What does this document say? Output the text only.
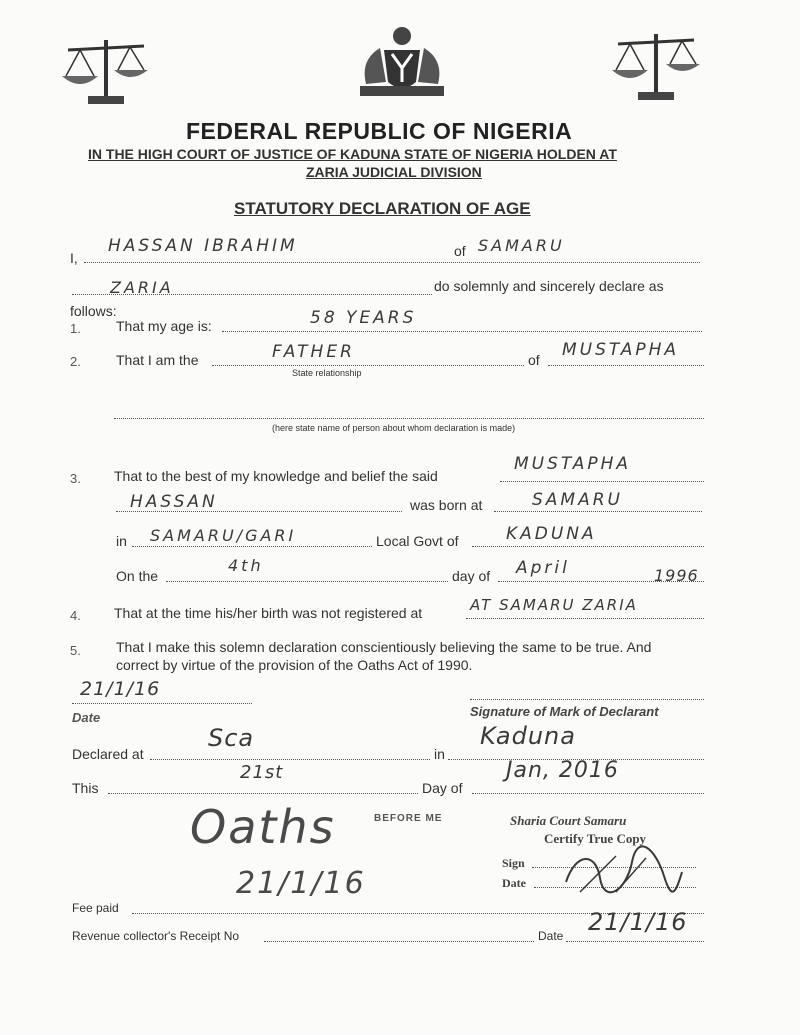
FEDERAL REPUBLIC OF NIGERIA
IN THE HIGH COURT OF JUSTICE OF KADUNA STATE OF NIGERIA HOLDEN AT
ZARIA JUDICIAL DIVISION
STATUTORY DECLARATION OF AGE
I,
HASSAN IBRAHIM	of SAMARU
ZARIA	do solemnly and sincerely declare as
follows:
1.	That my age is:	58 YEARS
2.	That I am the	FATHER	of MUSTAPHA
State relationship
(here state name of person about whom declaration is made)
3. That to the best of my knowledge and belief the said
MUSTAPHA
HASSAN	was born at	SAMARU
in SAMARU/GARI	Local Govt of	KADUNA
On the
4th
day of April	1996
4. That at the time his/her birth was not registered at	AT SAMARU ZARIA
5.	That I make this solemn declaration conscientiously believing the same to be true. And
correct by virtue of the provision of the Oaths Act of 1990.
21/1/16
Date	Signature of Mark of Declarant
Declared at
Sca
in
Kaduna
This
21st
Day of
Jan, 2016
BEFORE ME
Oaths
21/1/16
Sharia Court Samaru
Certify True Copy
Sign
Date
Fee paid
Revenue collector's Receipt No	Date 21/1/16
